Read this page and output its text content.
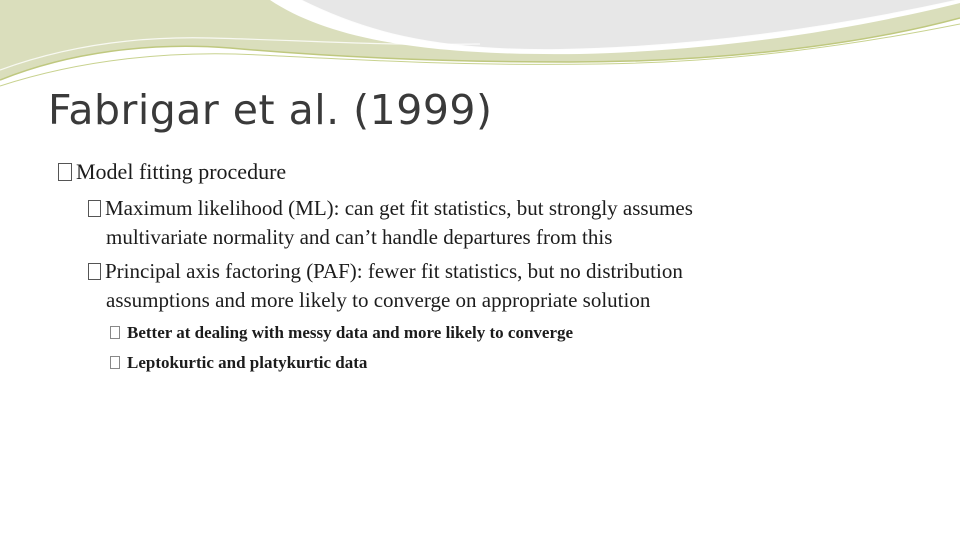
Fabrigar et al. (1999)
Model fitting procedure
Maximum likelihood (ML): can get fit statistics, but strongly assumes
multivariate normality and can’t handle departures from this
Principal axis factoring (PAF): fewer fit statistics, but no distribution
assumptions and more likely to converge on appropriate solution
Better at dealing with messy data and more likely to converge
Leptokurtic and platykurtic data
